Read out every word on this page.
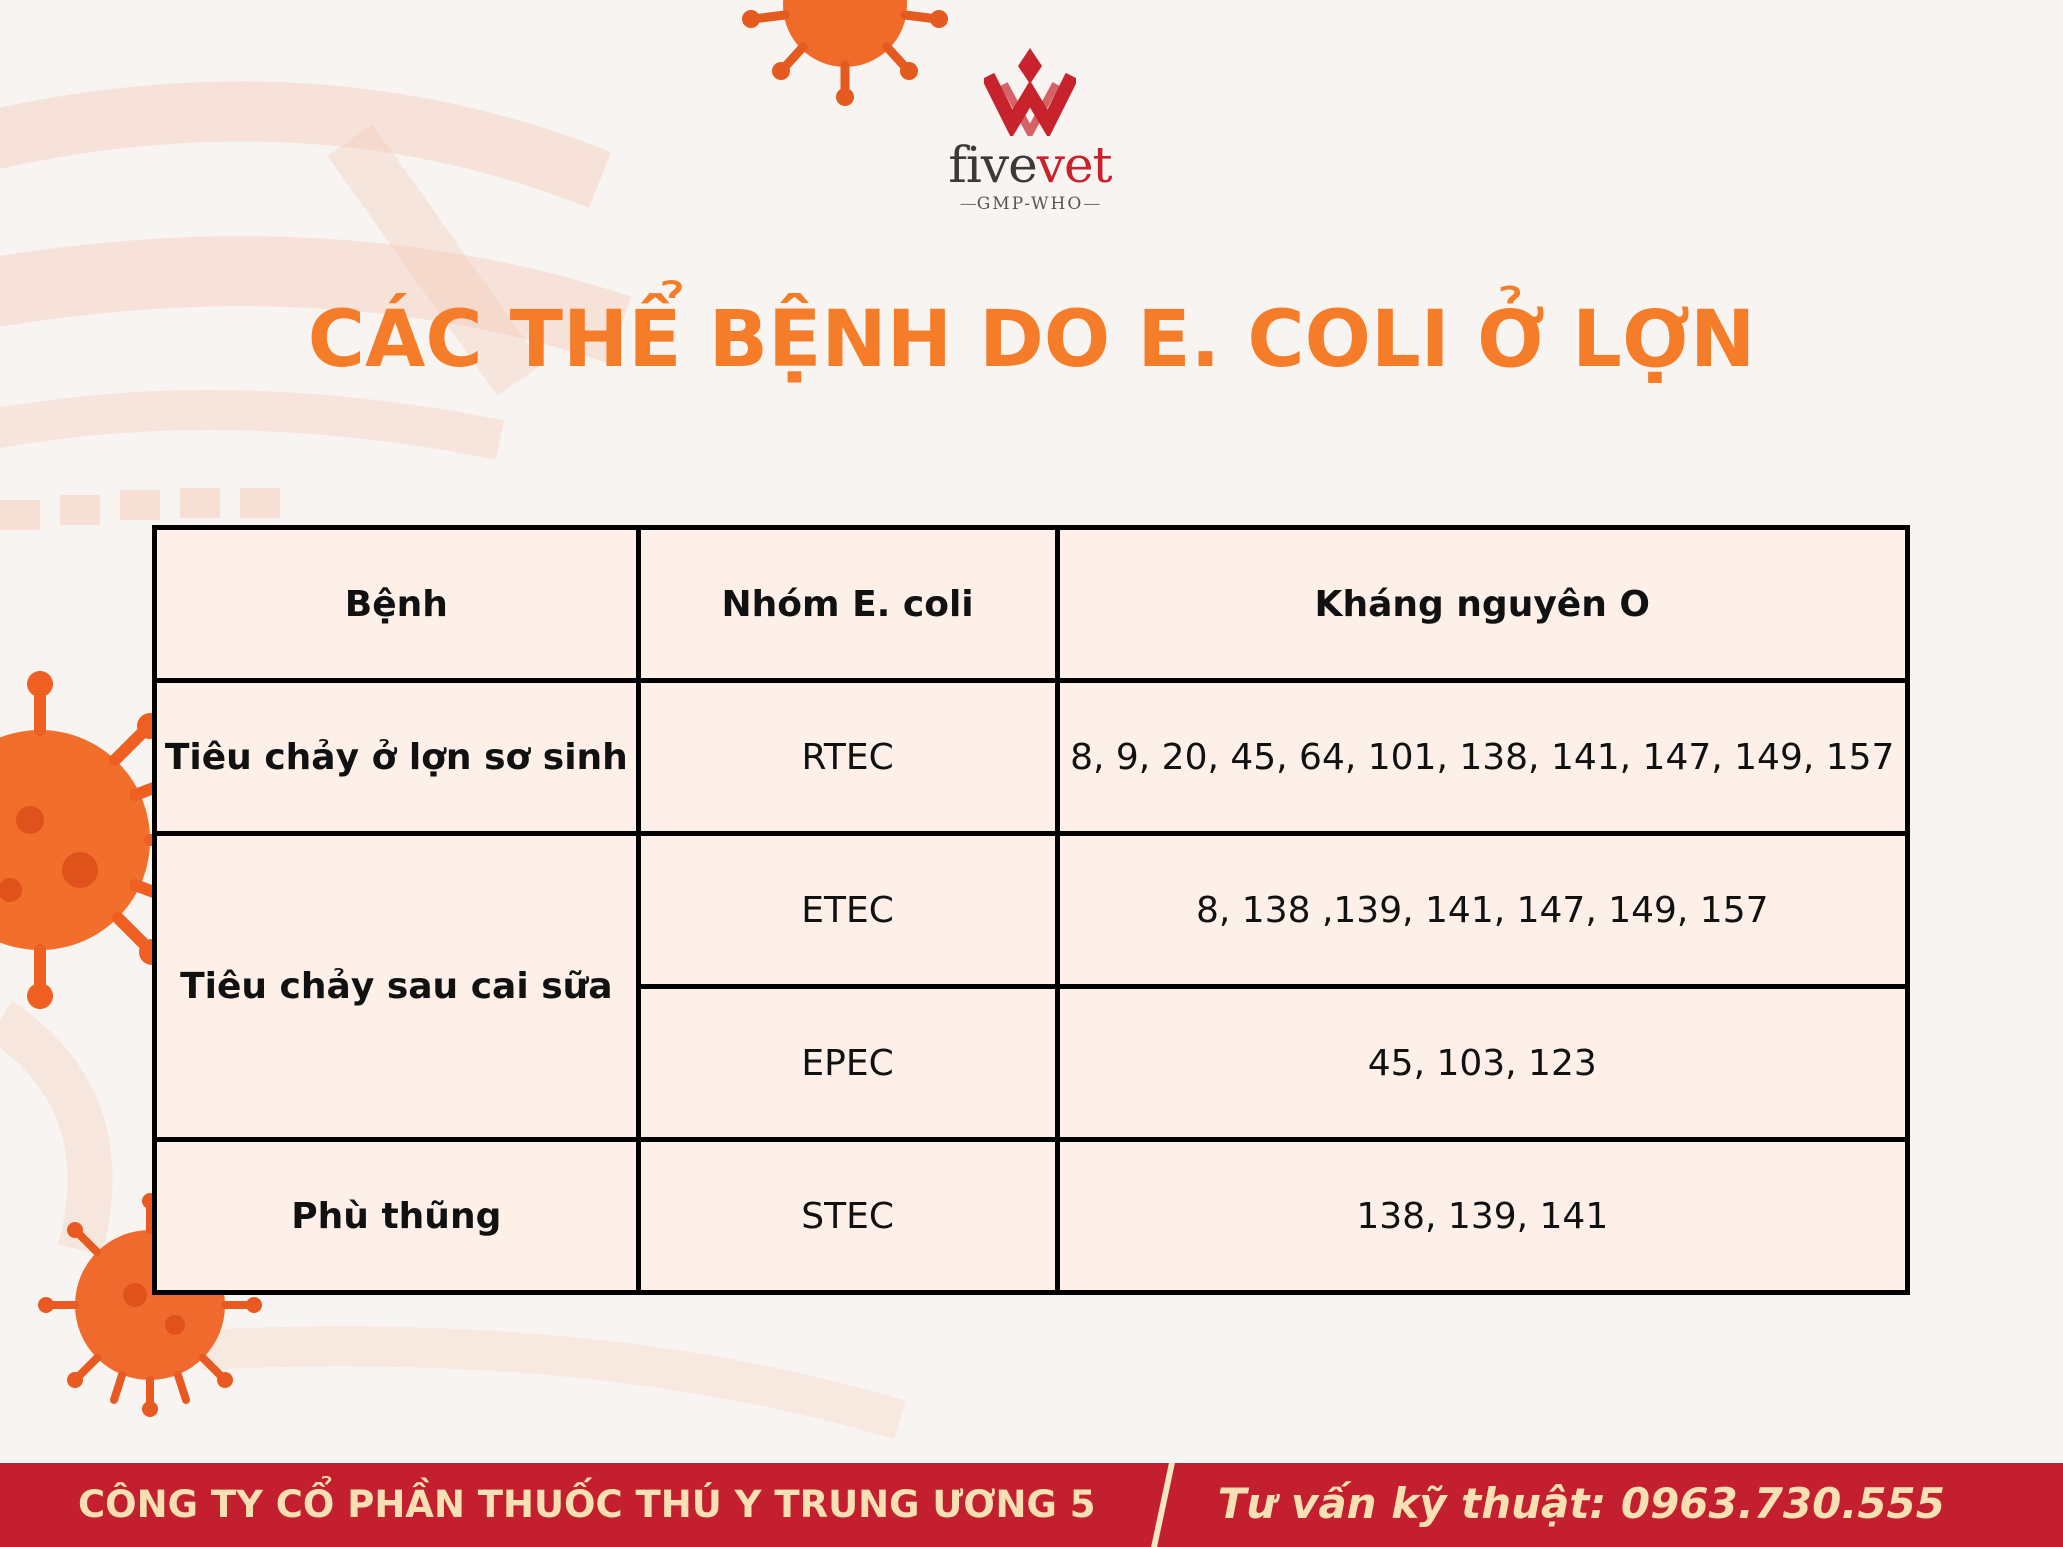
fivevet
— GMP-WHO —
CÁC THỂ BỆNH DO E. COLI Ở LỢN
Bệnh	Nhóm E. coli	Kháng nguyên O
Tiêu chảy ở lợn sơ sinh	RTEC	8, 9, 20, 45, 64, 101, 138, 141, 147, 149, 157
Tiêu chảy sau cai sữa	ETEC	8, 138 ,139, 141, 147, 149, 157
	EPEC	45, 103, 123
Phù thũng	STEC	138, 139, 141
CÔNG TY CỔ PHẦN THUỐC THÚ Y TRUNG ƯƠNG 5	Tư vấn kỹ thuật: 0963.730.555
